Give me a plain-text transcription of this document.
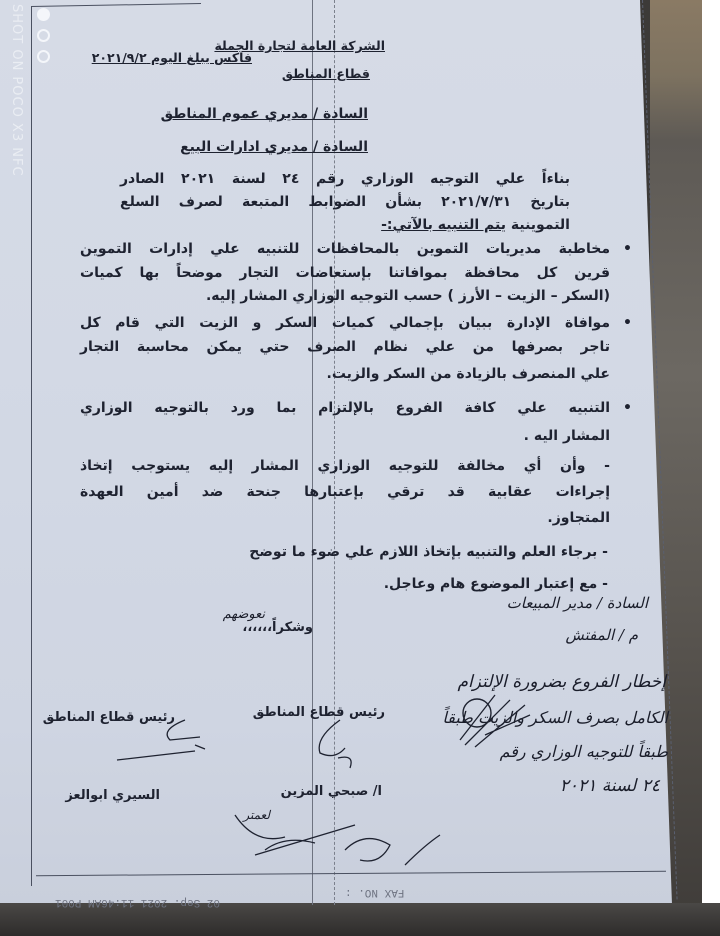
SHOT ON POCO X3 NFC	الشركة العامة لتجارة الجملة
قطاع المناطق
فاكس يبلغ اليوم ٢٠٢١/٩/٢
السادة / مديري عموم المناطق
السادة / مديري ادارات البيع
بناءاً علي التوجيه الوزاري رقم ٢٤ لسنة ٢٠٢١ الصادر
بتاريخ ٢٠٢١/٧/٣١ بشأن الضوابط المتبعة لصرف السلع
التموينية يتم التنبيه بالآتي:-
مخاطبة مديريات التموين بالمحافظات للتنبيه علي إدارات التموين •
قرين كل محافظة بموافاتنا بإستعاضات التجار موضحاً بها كميات
(السكر – الزيت – الأرز ) حسب التوجيه الوزاري المشار إليه.
موافاة الإدارة ببيان بإجمالي كميات السكر و الزيت التي قام كل •
تاجر بصرفها من علي نظام الصرف حتي يمكن محاسبة التجار
علي المنصرف بالزيادة من السكر والزيت.
التنبيه علي كافة الفروع بالإلتزام بما ورد بالتوجيه الوزاري •
المشار اليه .
- وأن أي مخالفة للتوجيه الوزاري المشار إليه يستوجب إتخاذ
إجراءات عقابية قد ترقي بإعتبارها جنحة ضد أمين العهدة
المتجاوز.
- برجاء العلم والتنبيه بإتخاذ اللازم علي ضوء ما توضح
- مع إعتبار الموضوع هام وعاجل.
وشكراً،،،،،،
نعوضهم
السادة / مدير المبيعات
م / المفتش
إخطار الفروع بضرورة الإلتزام
الكامل بصرف السكر والزيت طبقاً
طبقاً للتوجيه الوزاري رقم
٢٤ لسنة ٢٠٢١
رئيس قطاع المناطق
رئيس قطاع المناطق
ا/ صبحي المزين
السيري ابوالعز
لعمتر
FAX NO. :
02 Sep. 2021 11:46AM P001
